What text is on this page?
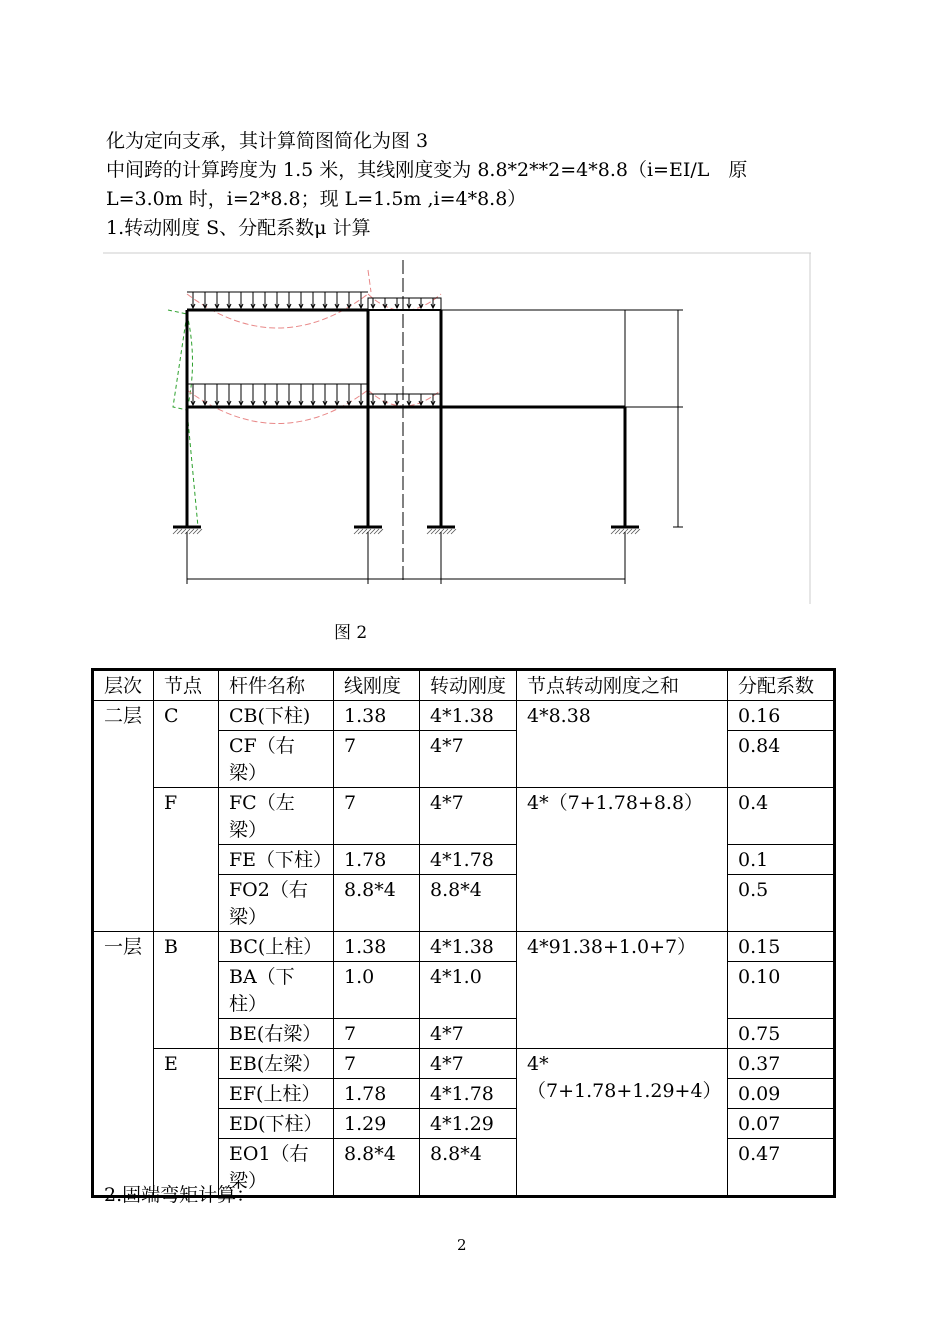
化为定向支承，其计算简图简化为图 3
中间跨的计算跨度为 1.5 米，其线刚度变为 8.8*2**2=4*8.8（i=EI/L　原
L=3.0m 时，i=2*8.8；现 L=1.5m ,i=4*8.8）
1.转动刚度 S、分配系数μ 计算
图 2
层次	节点	杆件名称	线刚度	转动刚度	节点转动刚度之和	分配系数
二层	C	CB(下柱)	1.38	4*1.38	4*8.38	0.16
		CF（右梁）	7	4*7		0.84
	F	FC（左梁）	7	4*7	4*（7+1.78+8.8）	0.4
		FE（下柱）	1.78	4*1.78		0.1
		FO2（右梁）	8.8*4	8.8*4		0.5
一层	B	BC(上柱）	1.38	4*1.38	4*91.38+1.0+7）	0.15
		BA（下柱）	1.0	4*1.0		0.10
		BE(右梁）	7	4*7		0.75
	E	EB(左梁）	7	4*7	4*（7+1.78+1.29+4）	0.37
		EF(上柱）	1.78	4*1.78		0.09
		ED(下柱）	1.29	4*1.29		0.07
		EO1（右梁）	8.8*4	8.8*4		0.47
2.固端弯矩计算：
2
